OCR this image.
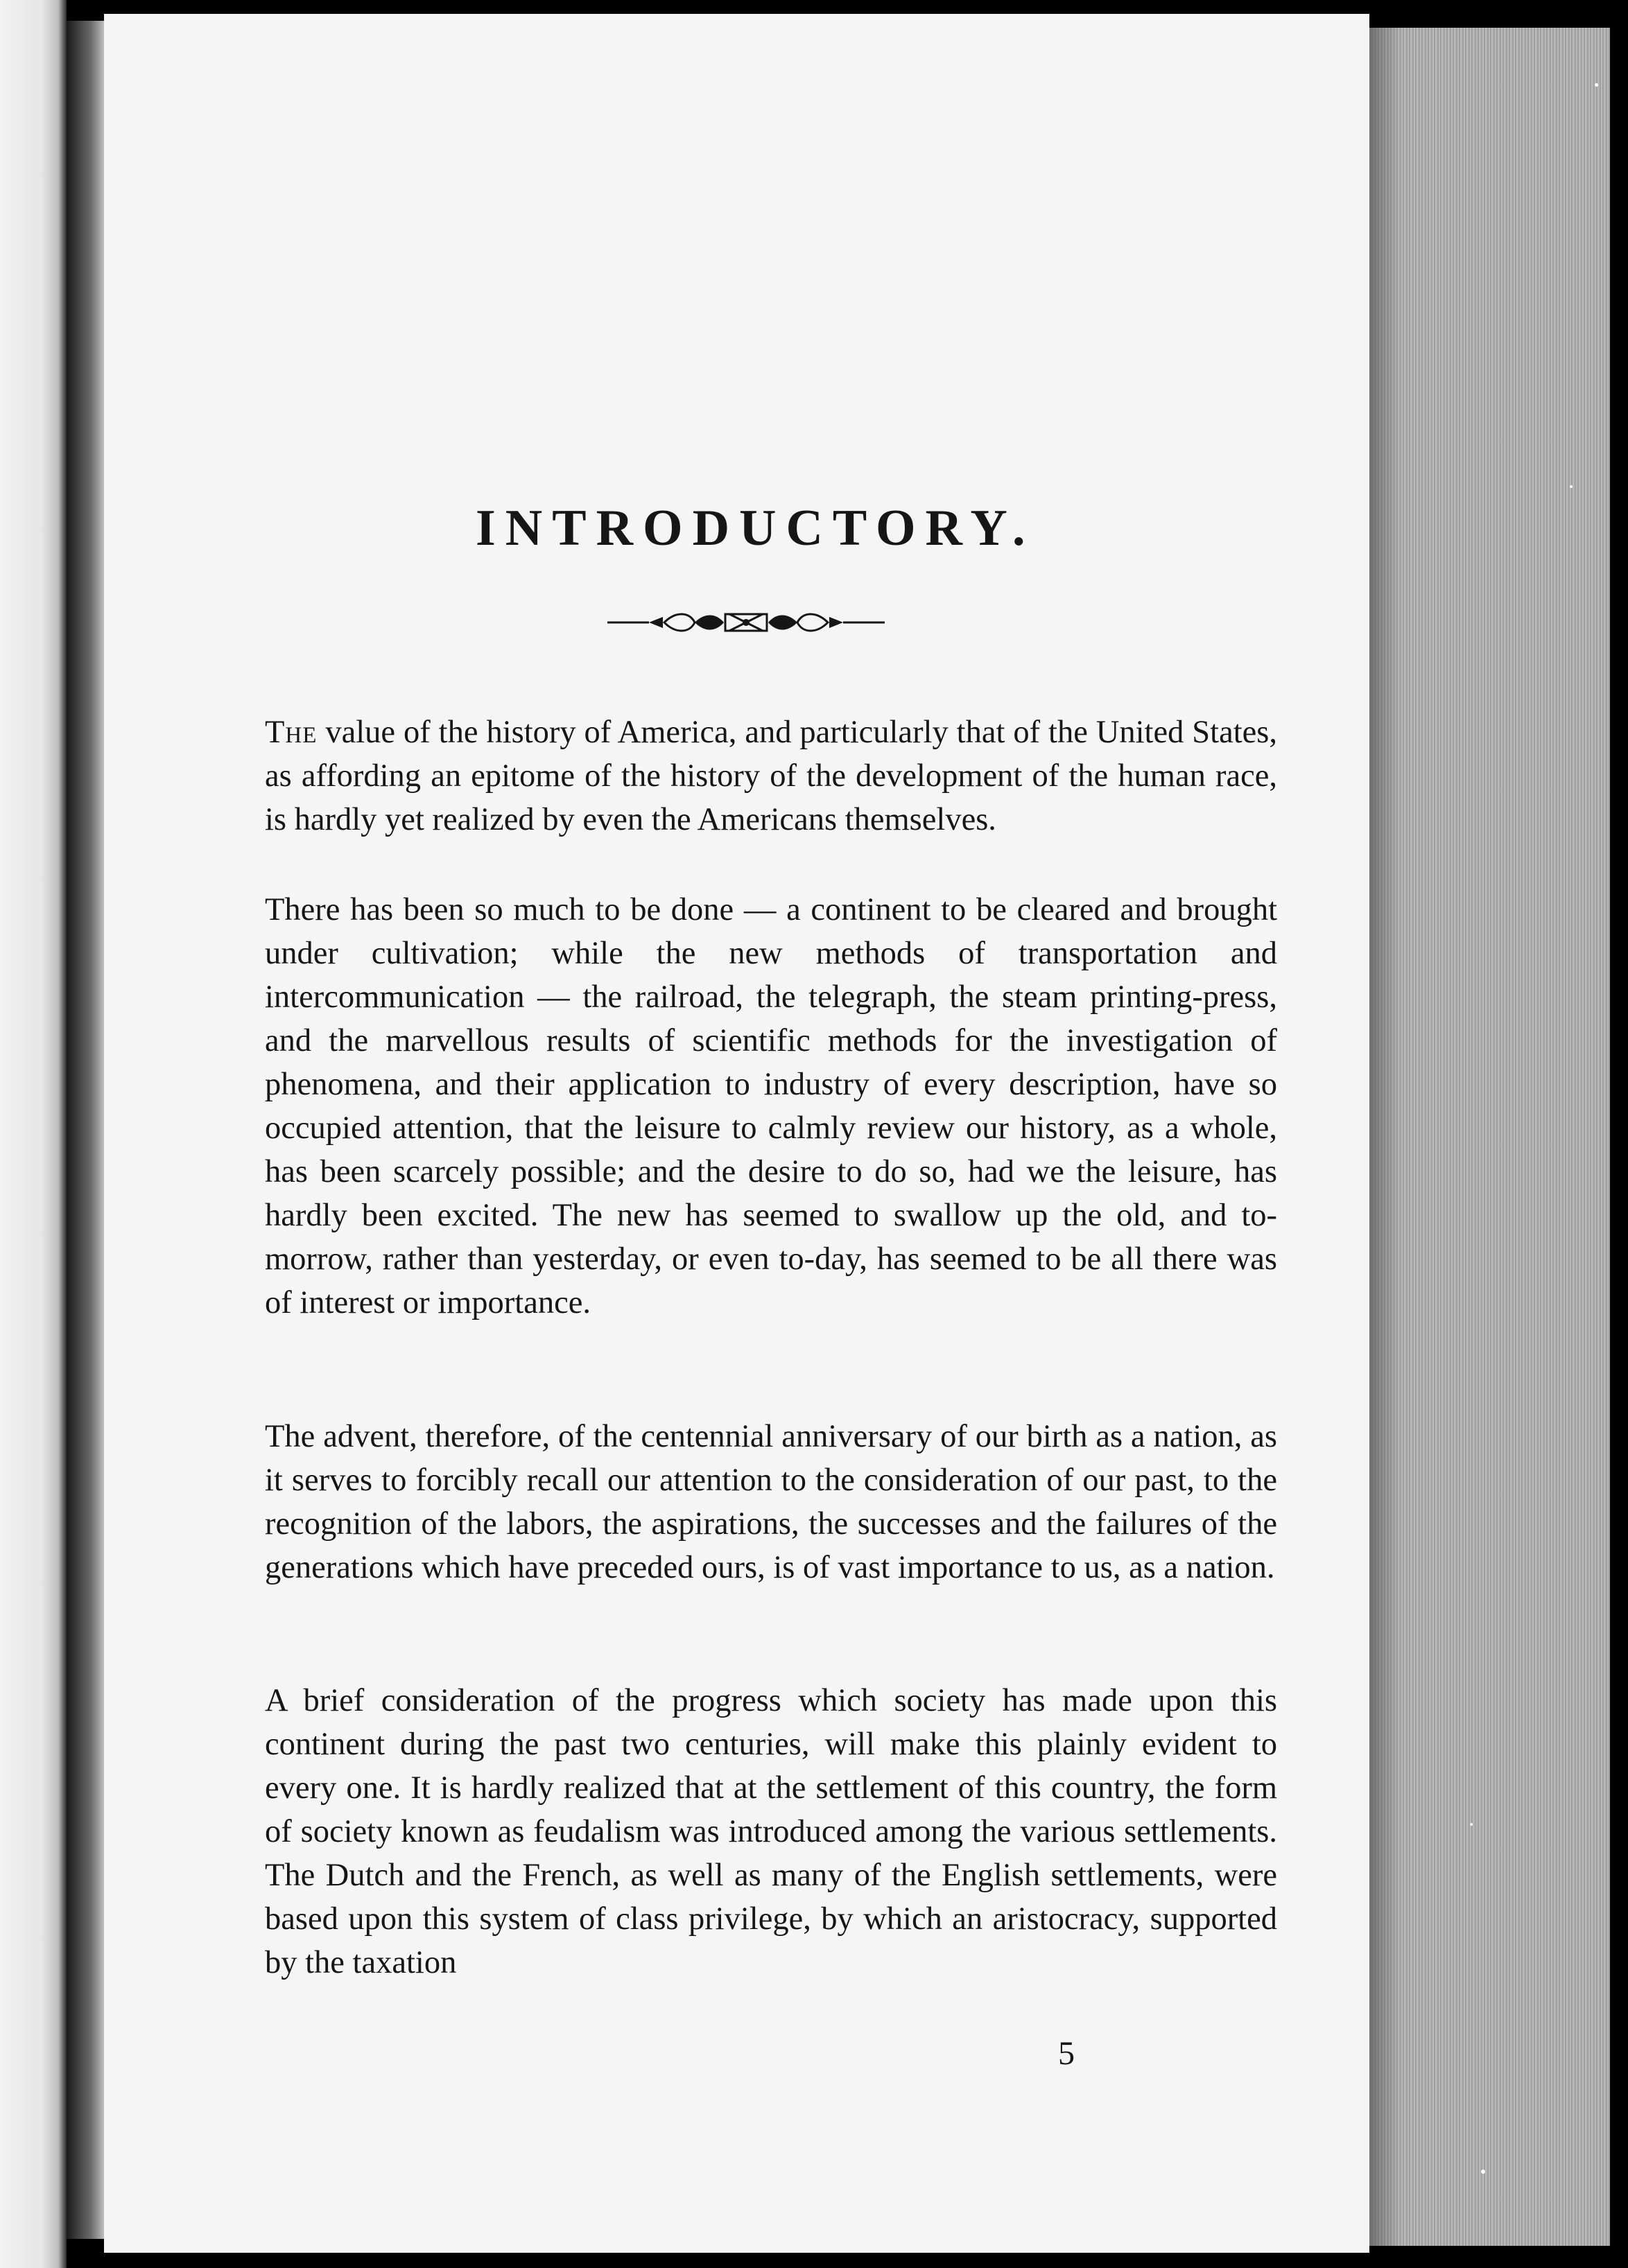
INTRODUCTORY.

The value of the history of America, and particularly that of the United States, as affording an epitome of the history of the development of the human race, is hardly yet realized by even the Americans themselves.

There has been so much to be done — a continent to be cleared and brought under cultivation; while the new methods of transportation and intercommunication — the railroad, the telegraph, the steam printing-press, and the marvellous results of scientific methods for the investigation of phenomena, and their application to industry of every description, have so occupied attention, that the leisure to calmly review our history, as a whole, has been scarcely possible; and the desire to do so, had we the leisure, has hardly been excited. The new has seemed to swallow up the old, and to-morrow, rather than yesterday, or even to-day, has seemed to be all there was of interest or importance.

The advent, therefore, of the centennial anniversary of our birth as a nation, as it serves to forcibly recall our attention to the consideration of our past, to the recognition of the labors, the aspirations, the successes and the failures of the generations which have preceded ours, is of vast importance to us, as a nation.

A brief consideration of the progress which society has made upon this continent during the past two centuries, will make this plainly evident to every one. It is hardly realized that at the settlement of this country, the form of society known as feudalism was introduced among the various settlements. The Dutch and the French, as well as many of the English settlements, were based upon this system of class privilege, by which an aristocracy, supported by the taxation

5
